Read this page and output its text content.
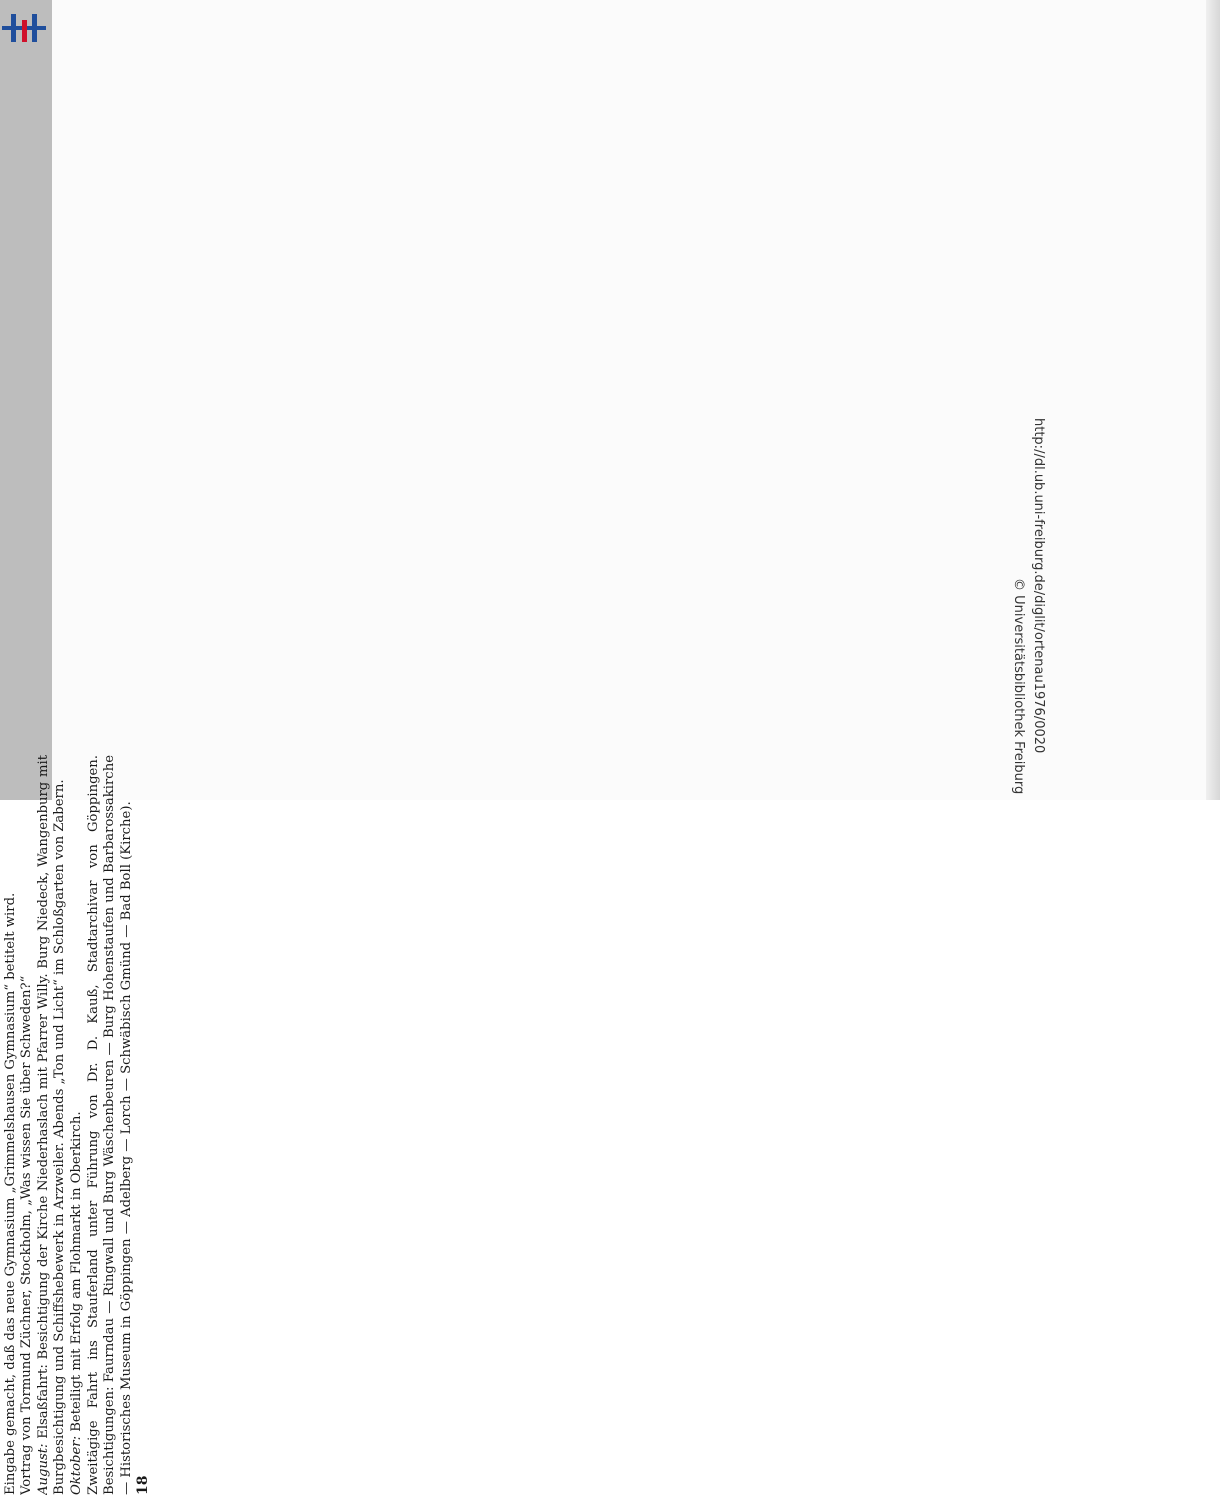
Eingabe gemacht, daß das neue Gymnasium „Grimmelshausen Gymnasium“ betitelt wird. Vortrag von Tormund Züchner, Stockholm, „Was wissen Sie über Schweden?“ August: Elsaßfahrt: Besichtigung der Kirche Niederhaslach mit Pfarrer Willy. Burg Niedeck, Wangenburg mit Burgbesichtigung und Schiffshebewerk in Arzweiler. Abends „Ton und Licht“ im Schloßgarten von Zabern. Oktober: Beteiligt mit Erfolg am Flohmarkt in Oberkirch. Zweitägige Fahrt ins Stauferland unter Führung von Dr. D. Kauß, Stadtarchivar von Göppingen. Besichtigungen: Faurndau — Ringwall und Burg Wäschenbeuren — Burg Hohenstaufen und Barbarossakirche — Historisches Museum in Göppingen — Adelberg — Lorch — Schwäbisch Gmünd — Bad Boll (Kirche). 18

http://dl.ub.uni-freiburg.de/diglit/ortenau1976/0020
© Universitätsbibliothek Freiburg
